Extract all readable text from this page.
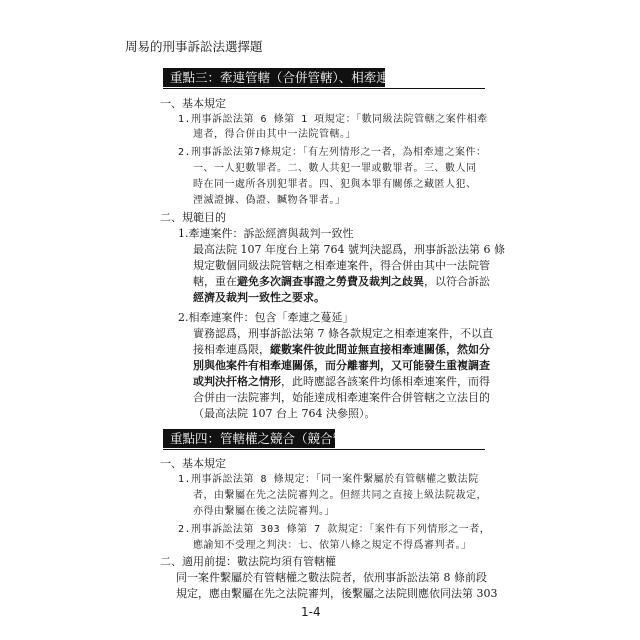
周易的刑事訴訟法選擇題
重點三：牽連管轄（合併管轄）、相牽連案件
一、基本規定
1.刑事訴訟法第 6 條第 1 項規定：「數同級法院管轄之案件相牽
連者，得合併由其中一法院管轄。」
2.刑事訴訟法第7條規定：「有左列情形之一者，為相牽連之案件：
一、一人犯數罪者。二、數人共犯一罪或數罪者。三、數人同
時在同一處所各別犯罪者。四、犯與本罪有關係之藏匿人犯、
湮滅證據、偽證、贓物各罪者。」
二、規範目的
1.牽連案件：訴訟經濟與裁判一致性
最高法院 107 年度台上第 764 號判決認爲，刑事訴訟法第 6 條
規定數個同級法院管轄之相牽連案件，得合併由其中一法院管
轄，重在避免多次調查事證之勞費及裁判之歧異，以符合訴訟
經濟及裁判一致性之要求。
2.相牽連案件：包含「牽連之蔓延」
實務認爲，刑事訴訟法第 7 條各款規定之相牽連案件，不以直
接相牽連爲限，縱數案件彼此間並無直接相牽連關係，然如分
別與他案件有相牽連關係，而分離審判，又可能發生重複調查
或判決扞格之情形，此時應認各該案件均係相牽連案件，而得
合併由一法院審判，始能達成相牽連案件合併管轄之立法目的
（最高法院 107 台上 764 決參照）。
重點四：管轄權之競合（競合管轄）
一、基本規定
1.刑事訴訟法第 8 條規定：「同一案件繫屬於有管轄權之數法院
者，由繫屬在先之法院審判之。但經共同之直接上級法院裁定，
亦得由繫屬在後之法院審判。」
2.刑事訴訟法第 303 條第 7 款規定：「案件有下列情形之一者，
應諭知不受理之判決：七、依第八條之規定不得爲審判者。」
二、適用前提：數法院均須有管轄權
同一案件繫屬於有管轄權之數法院者，依刑事訴訟法第 8 條前段
規定，應由繫屬在先之法院審判，後繫屬之法院則應依同法第 303
1-4
